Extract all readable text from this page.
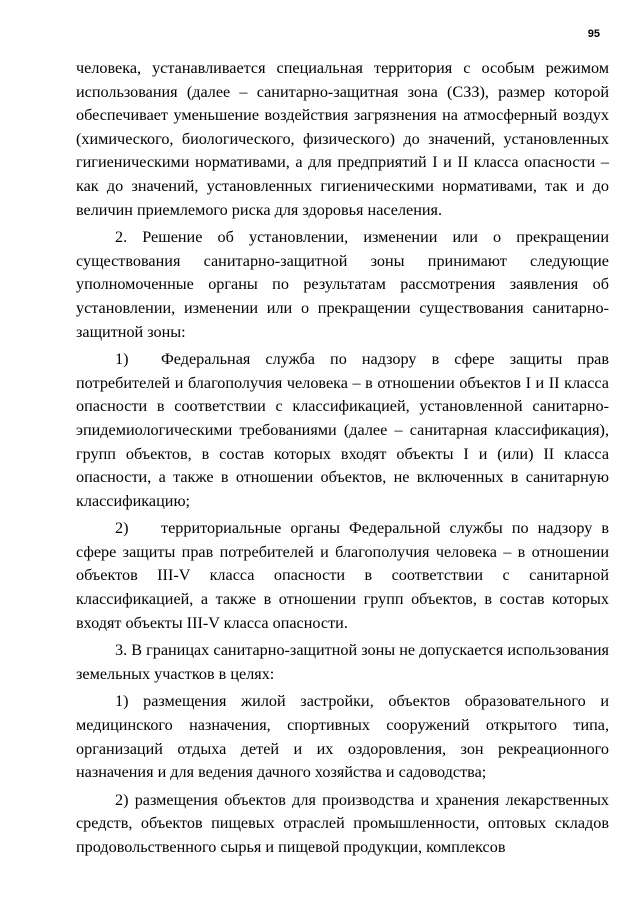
95

человека, устанавливается специальная территория с особым режимом использования (далее – санитарно-защитная зона (СЗЗ), размер которой обеспечивает уменьшение воздействия загрязнения на атмосферный воздух (химического, биологического, физического) до значений, установленных гигиеническими нормативами, а для предприятий I и II класса опасности – как до значений, установленных гигиеническими нормативами, так и до величин приемлемого риска для здоровья населения.

2. Решение об установлении, изменении или о прекращении существования санитарно-защитной зоны принимают следующие уполномоченные органы по результатам рассмотрения заявления об установлении, изменении или о прекращении существования санитарно-защитной зоны:

1) Федеральная служба по надзору в сфере защиты прав потребителей и благополучия человека – в отношении объектов I и II класса опасности в соответствии с классификацией, установленной санитарно-эпидемиологическими требованиями (далее – санитарная классификация), групп объектов, в состав которых входят объекты I и (или) II класса опасности, а также в отношении объектов, не включенных в санитарную классификацию;

2) территориальные органы Федеральной службы по надзору в сфере защиты прав потребителей и благополучия человека – в отношении объектов III-V класса опасности в соответствии с санитарной классификацией, а также в отношении групп объектов, в состав которых входят объекты III-V класса опасности.

3. В границах санитарно-защитной зоны не допускается использования земельных участков в целях:

1) размещения жилой застройки, объектов образовательного и медицинского назначения, спортивных сооружений открытого типа, организаций отдыха детей и их оздоровления, зон рекреационного назначения и для ведения дачного хозяйства и садоводства;

2) размещения объектов для производства и хранения лекарственных средств, объектов пищевых отраслей промышленности, оптовых складов продовольственного сырья и пищевой продукции, комплексов
